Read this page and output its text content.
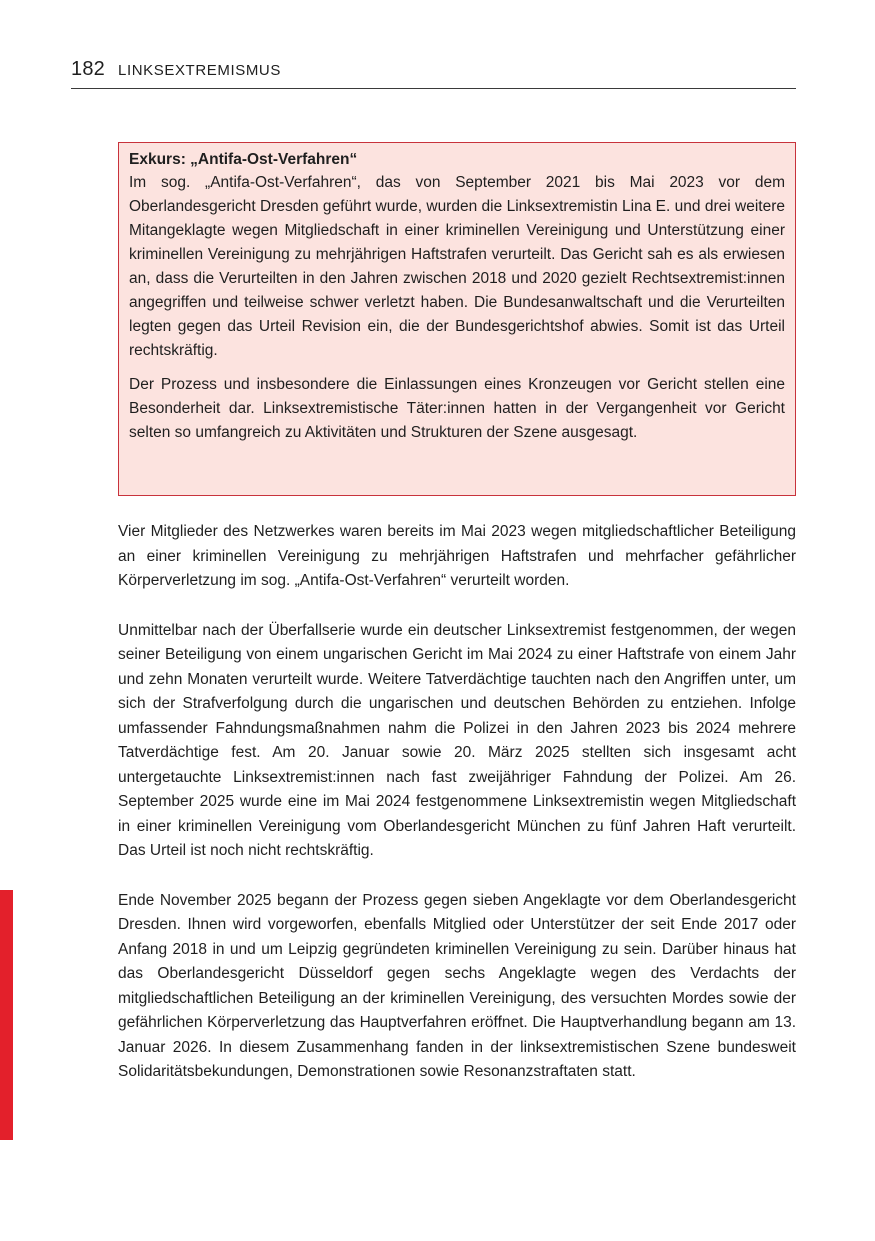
182 LINKSEXTREMISMUS
Exkurs: „Antifa-Ost-Verfahren“

Im sog. „Antifa-Ost-Verfahren“, das von September 2021 bis Mai 2023 vor dem Oberlandesgericht Dresden geführt wurde, wurden die Linksextremistin Lina E. und drei weitere Mitangeklagte wegen Mitgliedschaft in einer kriminellen Vereinigung und Unterstützung einer kriminellen Vereinigung zu mehrjährigen Haftstrafen verurteilt. Das Gericht sah es als erwiesen an, dass die Verurteilten in den Jahren zwischen 2018 und 2020 gezielt Rechtsextremist:innen angegriffen und teilweise schwer verletzt haben. Die Bundesanwaltschaft und die Verurteilten legten gegen das Urteil Revision ein, die der Bundesgerichtshof abwies. Somit ist das Urteil rechtskräftig.

Der Prozess und insbesondere die Einlassungen eines Kronzeugen vor Gericht stellen eine Besonderheit dar. Linksextremistische Täter:innen hatten in der Vergangenheit vor Gericht selten so umfangreich zu Aktivitäten und Strukturen der Szene ausgesagt.

Vier Mitglieder des Netzwerkes waren bereits im Mai 2023 wegen mitgliedschaftlicher Beteiligung an einer kriminellen Vereinigung zu mehrjährigen Haftstrafen und mehrfacher gefährlicher Körperverletzung im sog. „Antifa-Ost-Verfahren“ verurteilt worden.

Unmittelbar nach der Überfallserie wurde ein deutscher Linksextremist festgenommen, der wegen seiner Beteiligung von einem ungarischen Gericht im Mai 2024 zu einer Haftstrafe von einem Jahr und zehn Monaten verurteilt wurde. Weitere Tatverdächtige tauchten nach den Angriffen unter, um sich der Strafverfolgung durch die ungarischen und deutschen Behörden zu entziehen. Infolge umfassender Fahndungsmaßnahmen nahm die Polizei in den Jahren 2023 bis 2024 mehrere Tatverdächtige fest. Am 20. Januar sowie 20. März 2025 stellten sich insgesamt acht untergetauchte Linksextremist:innen nach fast zweijähriger Fahndung der Polizei. Am 26. September 2025 wurde eine im Mai 2024 festgenommene Linksextremistin wegen Mitgliedschaft in einer kriminellen Vereinigung vom Oberlandesgericht München zu fünf Jahren Haft verurteilt. Das Urteil ist noch nicht rechtskräftig.

Ende November 2025 begann der Prozess gegen sieben Angeklagte vor dem Oberlandesgericht Dresden. Ihnen wird vorgeworfen, ebenfalls Mitglied oder Unterstützer der seit Ende 2017 oder Anfang 2018 in und um Leipzig gegründeten kriminellen Vereinigung zu sein. Darüber hinaus hat das Oberlandesgericht Düsseldorf gegen sechs Angeklagte wegen des Verdachts der mitgliedschaftlichen Beteiligung an der kriminellen Vereinigung, des versuchten Mordes sowie der gefährlichen Körperverletzung das Hauptverfahren eröffnet. Die Hauptverhandlung begann am 13. Januar 2026. In diesem Zusammenhang fanden in der linksextremistischen Szene bundesweit Solidaritätsbekundungen, Demonstrationen sowie Resonanzstraftaten statt.
